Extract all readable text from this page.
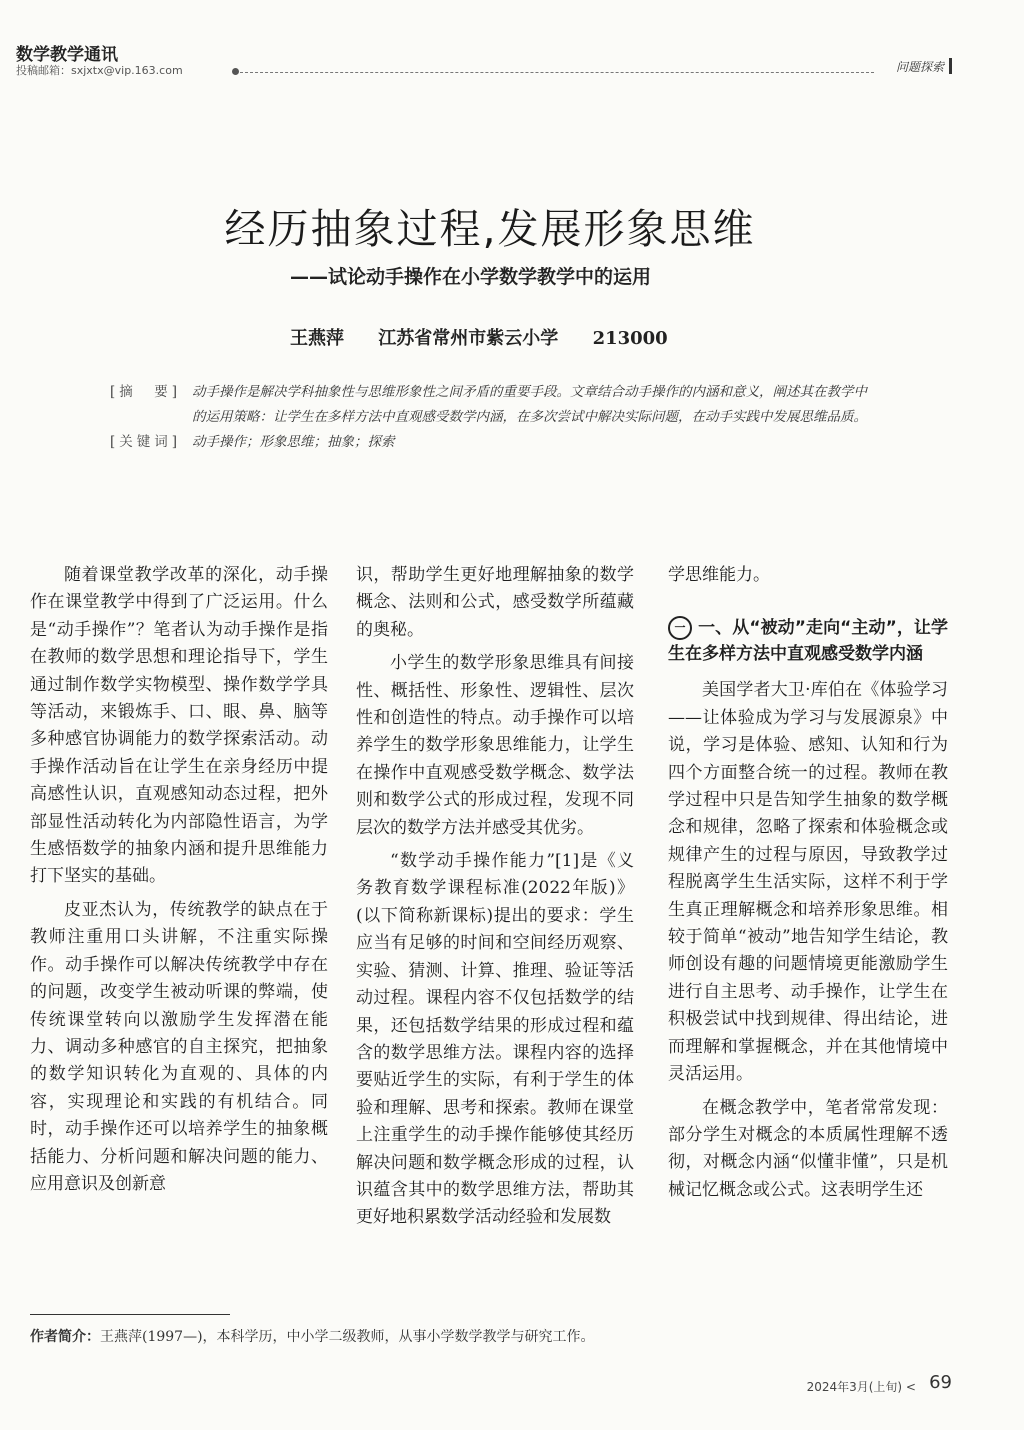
数学教学通讯
投稿邮箱：sxjxtx@vip.163.com	问题探索
经历抽象过程,发展形象思维
——试论动手操作在小学数学教学中的运用
王燕萍 江苏省常州市紫云小学 213000
[摘　要] 动手操作是解决学科抽象性与思维形象性之间矛盾的重要手段。文章结合动手操作的内涵和意义，阐述其在教学中的运用策略：让学生在多样方法中直观感受数学内涵，在多次尝试中解决实际问题，在动手实践中发展思维品质。
[关键词] 动手操作；形象思维；抽象；探索

随着课堂教学改革的深化，动手操作在课堂教学中得到了广泛运用。什么是“动手操作”？笔者认为动手操作是指在教师的数学思想和理论指导下，学生通过制作数学实物模型、操作数学学具等活动，来锻炼手、口、眼、鼻、脑等多种感官协调能力的数学探索活动。动手操作活动旨在让学生在亲身经历中提高感性认识，直观感知动态过程，把外部显性活动转化为内部隐性语言，为学生感悟数学的抽象内涵和提升思维能力打下坚实的基础。

皮亚杰认为，传统教学的缺点在于教师注重用口头讲解，不注重实际操作。动手操作可以解决传统教学中存在的问题，改变学生被动听课的弊端，使传统课堂转向以激励学生发挥潜在能力、调动多种感官的自主探究，把抽象的数学知识转化为直观的、具体的内容，实现理论和实践的有机结合。同时，动手操作还可以培养学生的抽象概括能力、分析问题和解决问题的能力、应用意识及创新意

识，帮助学生更好地理解抽象的数学概念、法则和公式，感受数学所蕴藏的奥秘。

小学生的数学形象思维具有间接性、概括性、形象性、逻辑性、层次性和创造性的特点。动手操作可以培养学生的数学形象思维能力，让学生在操作中直观感受数学概念、数学法则和数学公式的形成过程，发现不同层次的数学方法并感受其优劣。

“数学动手操作能力”[1]是《义务教育数学课程标准(2022年版)》(以下简称新课标)提出的要求：学生应当有足够的时间和空间经历观察、实验、猜测、计算、推理、验证等活动过程。课程内容不仅包括数学的结果，还包括数学结果的形成过程和蕴含的数学思维方法。课程内容的选择要贴近学生的实际，有利于学生的体验和理解、思考和探索。教师在课堂上注重学生的动手操作能够使其经历解决问题和数学概念形成的过程，认识蕴含其中的数学思维方法，帮助其更好地积累数学活动经验和发展数

学思维能力。

一 一、从“被动”走向“主动”，让学生在多样方法中直观感受数学内涵

美国学者大卫·库伯在《体验学习——让体验成为学习与发展源泉》中说，学习是体验、感知、认知和行为四个方面整合统一的过程。教师在教学过程中只是告知学生抽象的数学概念和规律，忽略了探索和体验概念或规律产生的过程与原因，导致教学过程脱离学生生活实际，这样不利于学生真正理解概念和培养形象思维。相较于简单“被动”地告知学生结论，教师创设有趣的问题情境更能激励学生进行自主思考、动手操作，让学生在积极尝试中找到规律、得出结论，进而理解和掌握概念，并在其他情境中灵活运用。

在概念教学中，笔者常常发现：部分学生对概念的本质属性理解不透彻，对概念内涵“似懂非懂”，只是机械记忆概念或公式。这表明学生还

作者简介：王燕萍(1997—)，本科学历，中小学二级教师，从事小学数学教学与研究工作。
2024年3月(上旬) < 69
